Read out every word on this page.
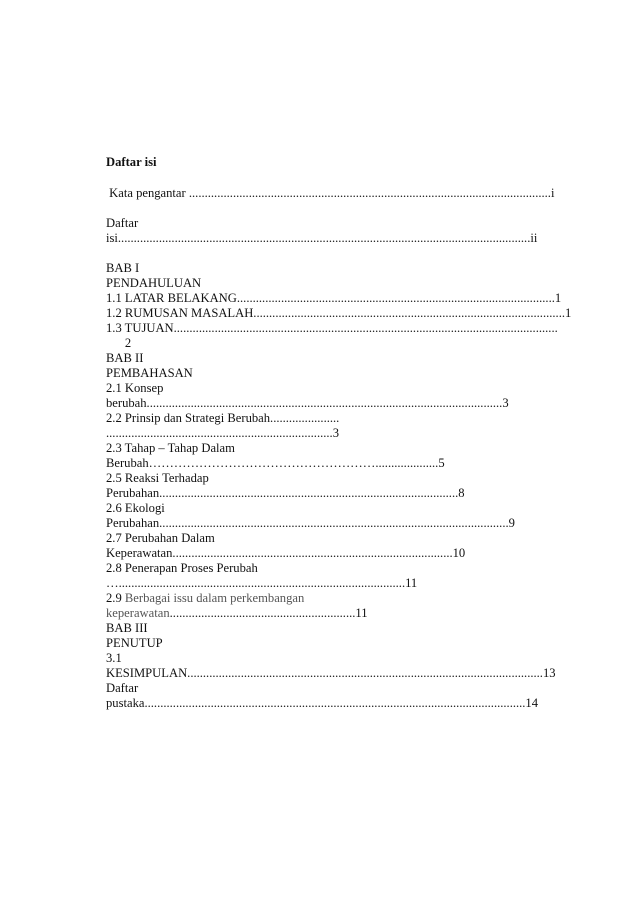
Daftar isi
Kata pengantar ...................................................................................................................i
Daftar
isi...................................................................................................................................ii
BAB I
PENDAHULUAN
1.1 LATAR BELAKANG.....................................................................................................1
1.2 RUMUSAN MASALAH...................................................................................................1
1.3 TUJUAN..........................................................................................................................
2
BAB II
PEMBAHASAN
2.1 Konsep
berubah.................................................................................................................3
2.2 Prinsip dan Strategi Berubah......................
........................................................................3
2.3 Tahap – Tahap Dalam
Berubah………………………………………………....................5
2.5 Reaksi Terhadap
Perubahan...............................................................................................8
2.6 Ekologi
Perubahan...............................................................................................................9
2.7 Perubahan Dalam
Keperawatan.........................................................................................10
2.8 Penerapan Proses Perubah
…...........................................................................................11
2.9 Berbagai issu dalam perkembangan
keperawatan...........................................................11
BAB III
PENUTUP
3.1
KESIMPULAN.................................................................................................................13
Daftar
pustaka.........................................................................................................................14
